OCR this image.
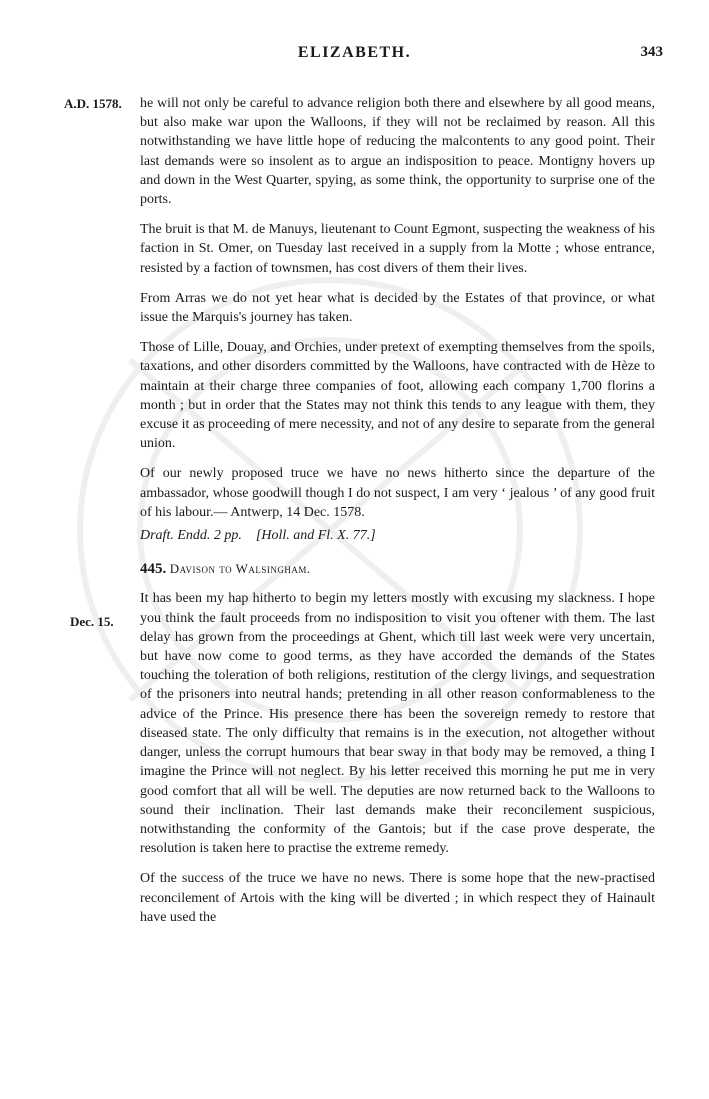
ELIZABETH.	343
A.D. 1578.
Dec. 15.

he will not only be careful to advance religion both there and elsewhere by all good means, but also make war upon the Walloons, if they will not be reclaimed by reason. All this notwithstanding we have little hope of reducing the malcontents to any good point. Their last demands were so insolent as to argue an indisposition to peace. Montigny hovers up and down in the West Quarter, spying, as some think, the opportunity to surprise one of the ports.

The bruit is that M. de Manuys, lieutenant to Count Egmont, suspecting the weakness of his faction in St. Omer, on Tuesday last received in a supply from la Motte ; whose entrance, resisted by a faction of townsmen, has cost divers of them their lives.

From Arras we do not yet hear what is decided by the Estates of that province, or what issue the Marquis's journey has taken.

Those of Lille, Douay, and Orchies, under pretext of exempting themselves from the spoils, taxations, and other disorders committed by the Walloons, have contracted with de Hèze to maintain at their charge three companies of foot, allowing each company 1,700 florins a month ; but in order that the States may not think this tends to any league with them, they excuse it as proceeding of mere necessity, and not of any desire to separate from the general union.

Of our newly proposed truce we have no news hitherto since the departure of the ambassador, whose goodwill though I do not suspect, I am very ‘ jealous ’ of any good fruit of his labour.— Antwerp, 14 Dec. 1578.

Draft. Endd. 2 pp. [Holl. and Fl. X. 77.]
445. Davison to Walsingham.

It has been my hap hitherto to begin my letters mostly with excusing my slackness. I hope you think the fault proceeds from no indisposition to visit you oftener with them. The last delay has grown from the proceedings at Ghent, which till last week were very uncertain, but have now come to good terms, as they have accorded the demands of the States touching the toleration of both religions, restitution of the clergy livings, and sequestration of the prisoners into neutral hands; pretending in all other reason conformableness to the advice of the Prince. His presence there has been the sovereign remedy to restore that diseased state. The only difficulty that remains is in the execution, not altogether without danger, unless the corrupt humours that bear sway in that body may be removed, a thing I imagine the Prince will not neglect. By his letter received this morning he put me in very good comfort that all will be well. The deputies are now returned back to the Walloons to sound their inclination. Their last demands make their reconcilement suspicious, notwithstanding the conformity of the Gantois; but if the case prove desperate, the resolution is taken here to practise the extreme remedy.

Of the success of the truce we have no news. There is some hope that the new-practised reconcilement of Artois with the king will be diverted ; in which respect they of Hainault have used the
